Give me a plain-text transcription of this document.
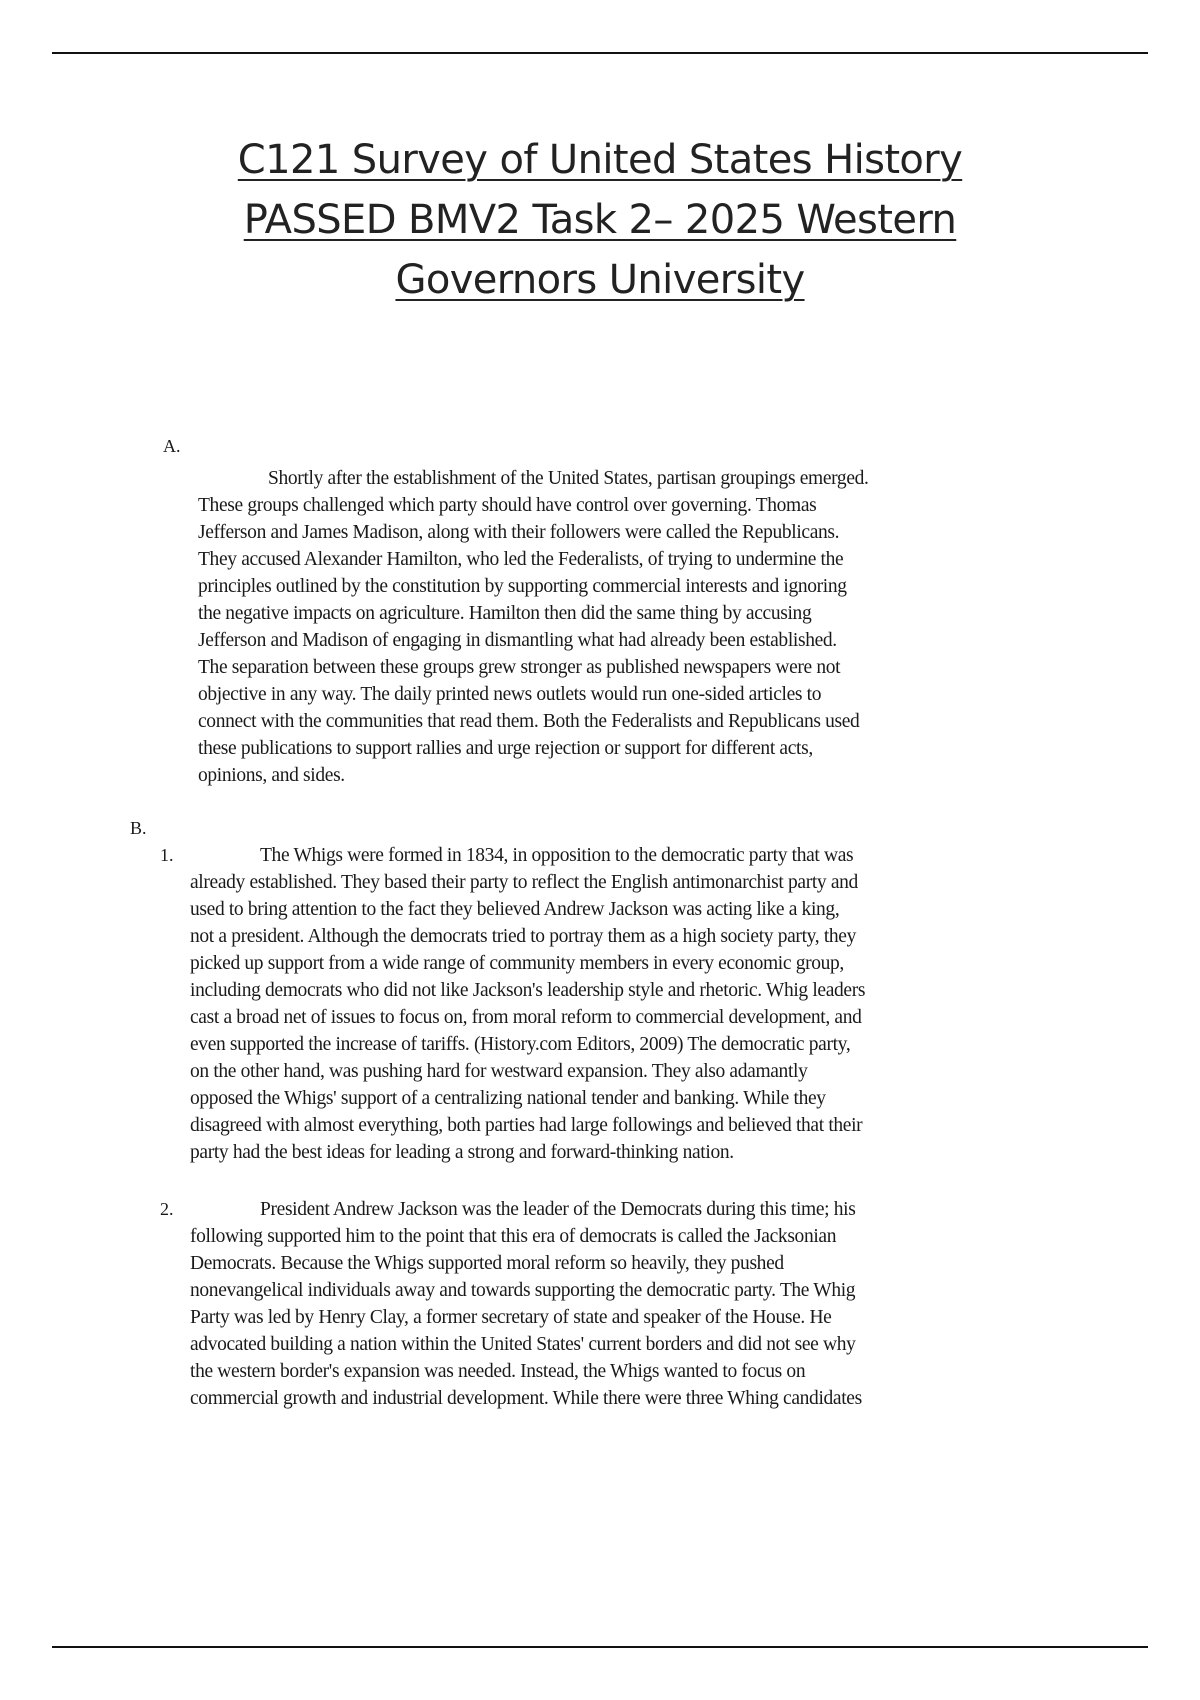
C121 Survey of United States History
PASSED BMV2 Task 2– 2025 Western
Governors University
A.
Shortly after the establishment of the United States, partisan groupings emerged.
These groups challenged which party should have control over governing. Thomas
Jefferson and James Madison, along with their followers were called the Republicans.
They accused Alexander Hamilton, who led the Federalists, of trying to undermine the
principles outlined by the constitution by supporting commercial interests and ignoring
the negative impacts on agriculture. Hamilton then did the same thing by accusing
Jefferson and Madison of engaging in dismantling what had already been established.
The separation between these groups grew stronger as published newspapers were not
objective in any way. The daily printed news outlets would run one-sided articles to
connect with the communities that read them. Both the Federalists and Republicans used
these publications to support rallies and urge rejection or support for different acts,
opinions, and sides.
B.
1.	The Whigs were formed in 1834, in opposition to the democratic party that was
already established. They based their party to reflect the English antimonarchist party and
used to bring attention to the fact they believed Andrew Jackson was acting like a king,
not a president. Although the democrats tried to portray them as a high society party, they
picked up support from a wide range of community members in every economic group,
including democrats who did not like Jackson's leadership style and rhetoric. Whig leaders
cast a broad net of issues to focus on, from moral reform to commercial development, and
even supported the increase of tariffs. (History.com Editors, 2009) The democratic party,
on the other hand, was pushing hard for westward expansion. They also adamantly
opposed the Whigs' support of a centralizing national tender and banking. While they
disagreed with almost everything, both parties had large followings and believed that their
party had the best ideas for leading a strong and forward-thinking nation.
2.	President Andrew Jackson was the leader of the Democrats during this time; his
following supported him to the point that this era of democrats is called the Jacksonian
Democrats. Because the Whigs supported moral reform so heavily, they pushed
nonevangelical individuals away and towards supporting the democratic party. The Whig
Party was led by Henry Clay, a former secretary of state and speaker of the House. He
advocated building a nation within the United States' current borders and did not see why
the western border's expansion was needed. Instead, the Whigs wanted to focus on
commercial growth and industrial development. While there were three Whing candidates
